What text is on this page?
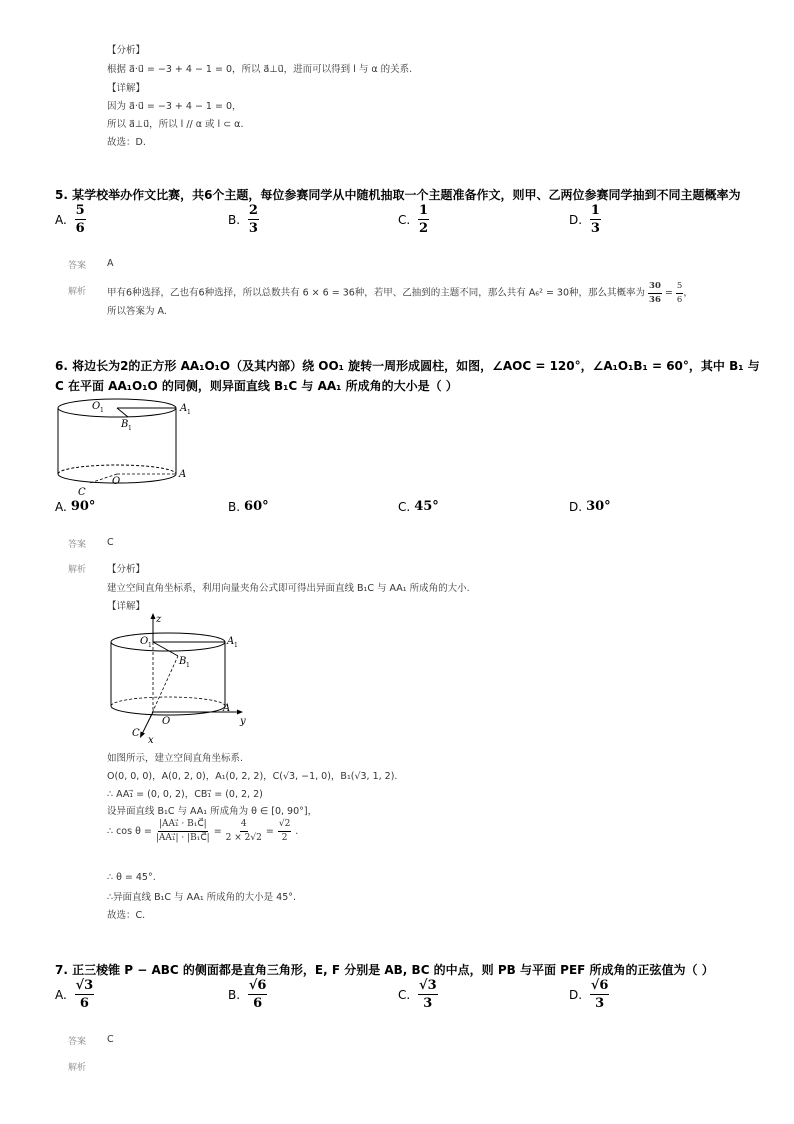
【分析】
根据 a⃗·u⃗ = −3 + 4 − 1 = 0，所以 a⃗⊥u⃗，进而可以得到 l 与 α 的关系.
【详解】
因为 a⃗·u⃗ = −3 + 4 − 1 = 0，
所以 a⃗⊥u⃗，所以 l // α 或 l ⊂ α.
故选：D.
5. 某学校举办作文比赛，共6个主题，每位参赛同学从中随机抽取一个主题准备作文，则甲、乙两位参赛同学抽到不同主题概率为
A. $\frac{5}{6}$	B. $\frac{2}{3}$	C. $\frac{1}{2}$	D. $\frac{1}{3}$
答案 A
解析 甲有6种选择，乙也有6种选择，所以总数共有 6 × 6 = 36种，若甲、乙抽到的主题不同，那么共有 A₆² = 30种，那么其概率为 $\frac{30}{36} = \frac{5}{6}$ ，
所以答案为 A.
6. 将边长为2的正方形 AA₁O₁O（及其内部）绕 OO₁ 旋转一周形成圆柱，如图，∠AOC = 120°，∠A₁O₁B₁ = 60°，其中 B₁ 与
C 在平面 AA₁O₁O 的同侧，则异面直线 B₁C 与 AA₁ 所成角的大小是（ ）
O 1	A 1
B 1
A
O
C
A. 90°	B. 60°	C. 45°	D. 30°
答案 C
解析 【分析】
建立空间直角坐标系，利用向量夹角公式即可得出异面直线 B₁C 与 AA₁ 所成角的大小.
【详解】
z
y
x
O 1	A 1
B 1
A
O
C
如图所示，建立空间直角坐标系.
O(0, 0, 0)，A(0, 2, 0)，A₁(0, 2, 2)，C(√3, −1, 0)，B₁(√3, 1, 2).
∴ AA₁⃗ = (0, 0, 2)，CB₁⃗ = (0, 2, 2)
设异面直线 B₁C 与 AA₁ 所成角为 θ ∈ [0, 90°]，
∴ $\cos \theta = \frac{\text{|AA₁⃗ · B₁C⃗|}}{\text{|AA₁⃗| · |B₁C⃗|}} = \frac{4}{2 \times 2√2} = \frac{√2}{2}$ .
∴ θ = 45°.
∴异面直线 B₁C 与 AA₁ 所成角的大小是 45°.
故选：C.
7. 正三棱锥 P − ABC 的侧面都是直角三角形，E, F 分别是 AB, BC 的中点，则 PB 与平面 PEF 所成角的正弦值为（ ）
A. $\frac{√3}{6}$	B. $\frac{√6}{6}$	C. $\frac{√3}{3}$	D. $\frac{√6}{3}$
答案 C
解析
